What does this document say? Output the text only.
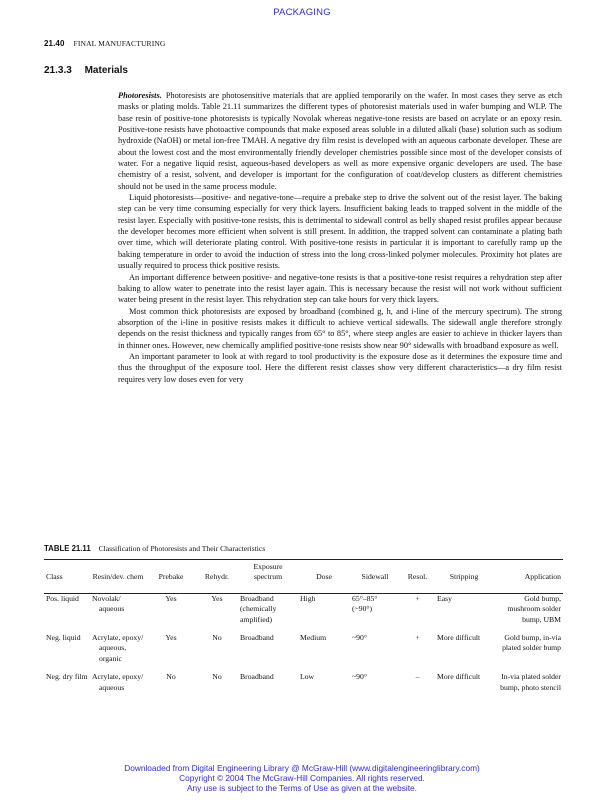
PACKAGING
21.40 FINAL MANUFACTURING
21.3.3 Materials

Photoresists. Photoresists are photosensitive materials that are applied temporarily on the wafer. In most cases they serve as etch masks or plating molds. Table 21.11 summarizes the different types of photoresist materials used in wafer bumping and WLP. The base resin of positive-tone photoresists is typically Novolak whereas negative-tone resists are based on acrylate or an epoxy resin. Positive-tone resists have photoactive compounds that make exposed areas soluble in a diluted alkali (base) solution such as sodium hydroxide (NaOH) or metal ion-free TMAH. A negative dry film resist is developed with an aqueous carbonate developer. These are about the lowest cost and the most environmentally friendly developer chemistries possible since most of the developer consists of water. For a negative liquid resist, aqueous-based developers as well as more expensive organic developers are used. The base chemistry of a resist, solvent, and developer is important for the configuration of coat/develop clusters as different chemistries should not be used in the same process module.

Liquid photoresists—positive- and negative-tone—require a prebake step to drive the solvent out of the resist layer. The baking step can be very time consuming especially for very thick layers. Insufficient baking leads to trapped solvent in the middle of the resist layer. Especially with positive-tone resists, this is detrimental to sidewall control as belly shaped resist profiles appear because the developer becomes more efficient when solvent is still present. In addition, the trapped solvent can contaminate a plating bath over time, which will deteriorate plating control. With positive-tone resists in particular it is important to carefully ramp up the baking temperature in order to avoid the induction of stress into the long cross-linked polymer molecules. Proximity hot plates are usually required to process thick positive resists.

An important difference between positive- and negative-tone resists is that a positive-tone resist requires a rehydration step after baking to allow water to penetrate into the resist layer again. This is necessary because the resist will not work without sufficient water being present in the resist layer. This rehydration step can take hours for very thick layers.

Most common thick photoresists are exposed by broadband (combined g, h, and i-line of the mercury spectrum). The strong absorption of the i-line in positive resists makes it difficult to achieve vertical sidewalls. The sidewall angle therefore strongly depends on the resist thickness and typically ranges from 65° to 85°, where steep angles are easier to achieve in thicker layers than in thinner ones. However, new chemically amplified positive-tone resists show near 90° sidewalls with broadband exposure as well.

An important parameter to look at with regard to tool productivity is the exposure dose as it determines the exposure time and thus the throughput of the exposure tool. Here the different resist classes show very different characteristics—a dry film resist requires very low doses even for very

TABLE 21.11 Classification of Photoresists and Their Characteristics
Class	Resin/dev. chem	Prebake	Rehydr.	Exposure spectrum	Dose	Sidewall	Resol.	Stripping	Application

Pos. liquid	Novolak/ aqueous	Yes	Yes	Broadband (chemically amplified)	High	65°–85° (~90°)	+	Easy	Gold bump, mushroom solder bump, UBM

Neg. liquid	Acrylate, epoxy/ aqueous, organic	Yes	No	Broadband	Medium	~90°	+	More difficult	Gold bump, in-via plated solder bump

Neg. dry film	Acrylate, epoxy/ aqueous	No	No	Broadband	Low	~90°	–	More difficult	In-via plated solder bump, photo stencil
Downloaded from Digital Engineering Library @ McGraw-Hill (www.digitalengineeringlibrary.com)
Copyright © 2004 The McGraw-Hill Companies. All rights reserved.
Any use is subject to the Terms of Use as given at the website.
